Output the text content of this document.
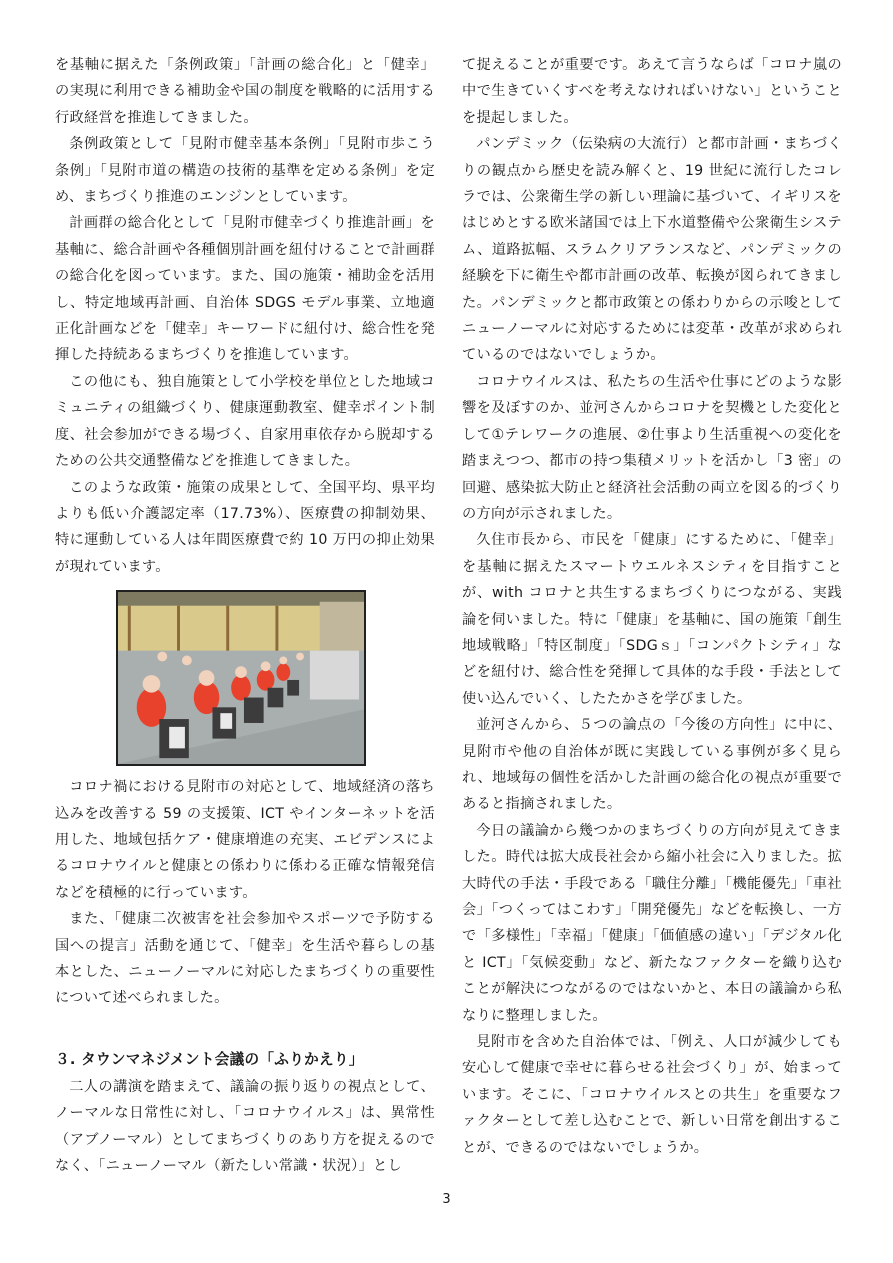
を基軸に据えた「条例政策」「計画の総合化」と「健幸」の実現に利用できる補助金や国の制度を戦略的に活用する行政経営を推進してきました。

条例政策として「見附市健幸基本条例」「見附市歩こう条例」「見附市道の構造の技術的基準を定める条例」を定め、まちづくり推進のエンジンとしています。

計画群の総合化として「見附市健幸づくり推進計画」を基軸に、総合計画や各種個別計画を紐付けることで計画群の総合化を図っています。また、国の施策・補助金を活用し、特定地域再計画、自治体 SDGS モデル事業、立地適正化計画などを「健幸」キーワードに紐付け、総合性を発揮した持続あるまちづくりを推進しています。

この他にも、独自施策として小学校を単位とした地域コミュニティの組織づくり、健康運動教室、健幸ポイント制度、社会参加ができる場づく、自家用車依存から脱却するための公共交通整備などを推進してきました。

このような政策・施策の成果として、全国平均、県平均よりも低い介護認定率（17.73%）、医療費の抑制効果、特に運動している人は年間医療費で約 10 万円の抑止効果が現れています。

コロナ禍における見附市の対応として、地域経済の落ち込みを改善する 59 の支援策、ICT やインターネットを活用した、地域包括ケア・健康増進の充実、エビデンスによるコロナウイルと健康との係わりに係わる正確な情報発信などを積極的に行っています。

また、「健康二次被害を社会参加やスポーツで予防する国への提言」活動を通じて、「健幸」を生活や暮らしの基本とした、ニューノーマルに対応したまちづくりの重要性について述べられました。

３. タウンマネジメント会議の「ふりかえり」

二人の講演を踏まえて、議論の振り返りの視点として、ノーマルな日常性に対し、「コロナウイルス」は、異常性（アブノーマル）としてまちづくりのあり方を捉えるのでなく、「ニューノーマル（新たしい常識・状況）」とし

て捉えることが重要です。あえて言うならば「コロナ嵐の中で生きていくすべを考えなければいけない」ということを提起しました。

パンデミック（伝染病の大流行）と都市計画・まちづくりの観点から歴史を読み解くと、19 世紀に流行したコレラでは、公衆衛生学の新しい理論に基づいて、イギリスをはじめとする欧米諸国では上下水道整備や公衆衛生システム、道路拡幅、スラムクリアランスなど、パンデミックの経験を下に衛生や都市計画の改革、転換が図られてきました。パンデミックと都市政策との係わりからの示唆としてニューノーマルに対応するためには変革・改革が求められているのではないでしょうか。

コロナウイルスは、私たちの生活や仕事にどのような影響を及ぼすのか、並河さんからコロナを契機とした変化として①テレワークの進展、②仕事より生活重視への変化を踏まえつつ、都市の持つ集積メリットを活かし「3 密」の回避、感染拡大防止と経済社会活動の両立を図る的づくりの方向が示されました。

久住市長から、市民を「健康」にするために、「健幸」を基軸に据えたスマートウエルネスシティを目指すことが、with コロナと共生するまちづくりにつながる、実践論を伺いました。特に「健康」を基軸に、国の施策「創生地域戦略」「特区制度」「SDGｓ」「コンパクトシティ」などを紐付け、総合性を発揮して具体的な手段・手法として使い込んでいく、したたかさを学びました。

並河さんから、５つの論点の「今後の方向性」に中に、見附市や他の自治体が既に実践している事例が多く見られ、地域毎の個性を活かした計画の総合化の視点が重要であると指摘されました。

今日の議論から幾つかのまちづくりの方向が見えてきました。時代は拡大成長社会から縮小社会に入りました。拡大時代の手法・手段である「職住分離」「機能優先」「車社会」「つくってはこわす」「開発優先」などを転換し、一方で「多様性」「幸福」「健康」「価値感の違い」「デジタル化と ICT」「気候変動」など、新たなファクターを織り込むことが解決につながるのではないかと、本日の議論から私なりに整理しました。

見附市を含めた自治体では、「例え、人口が減少しても安心して健康で幸せに暮らせる社会づくり」が、始まっています。そこに、「コロナウイルスとの共生」を重要なファクターとして差し込むことで、新しい日常を創出することが、できるのではないでしょうか。

3
